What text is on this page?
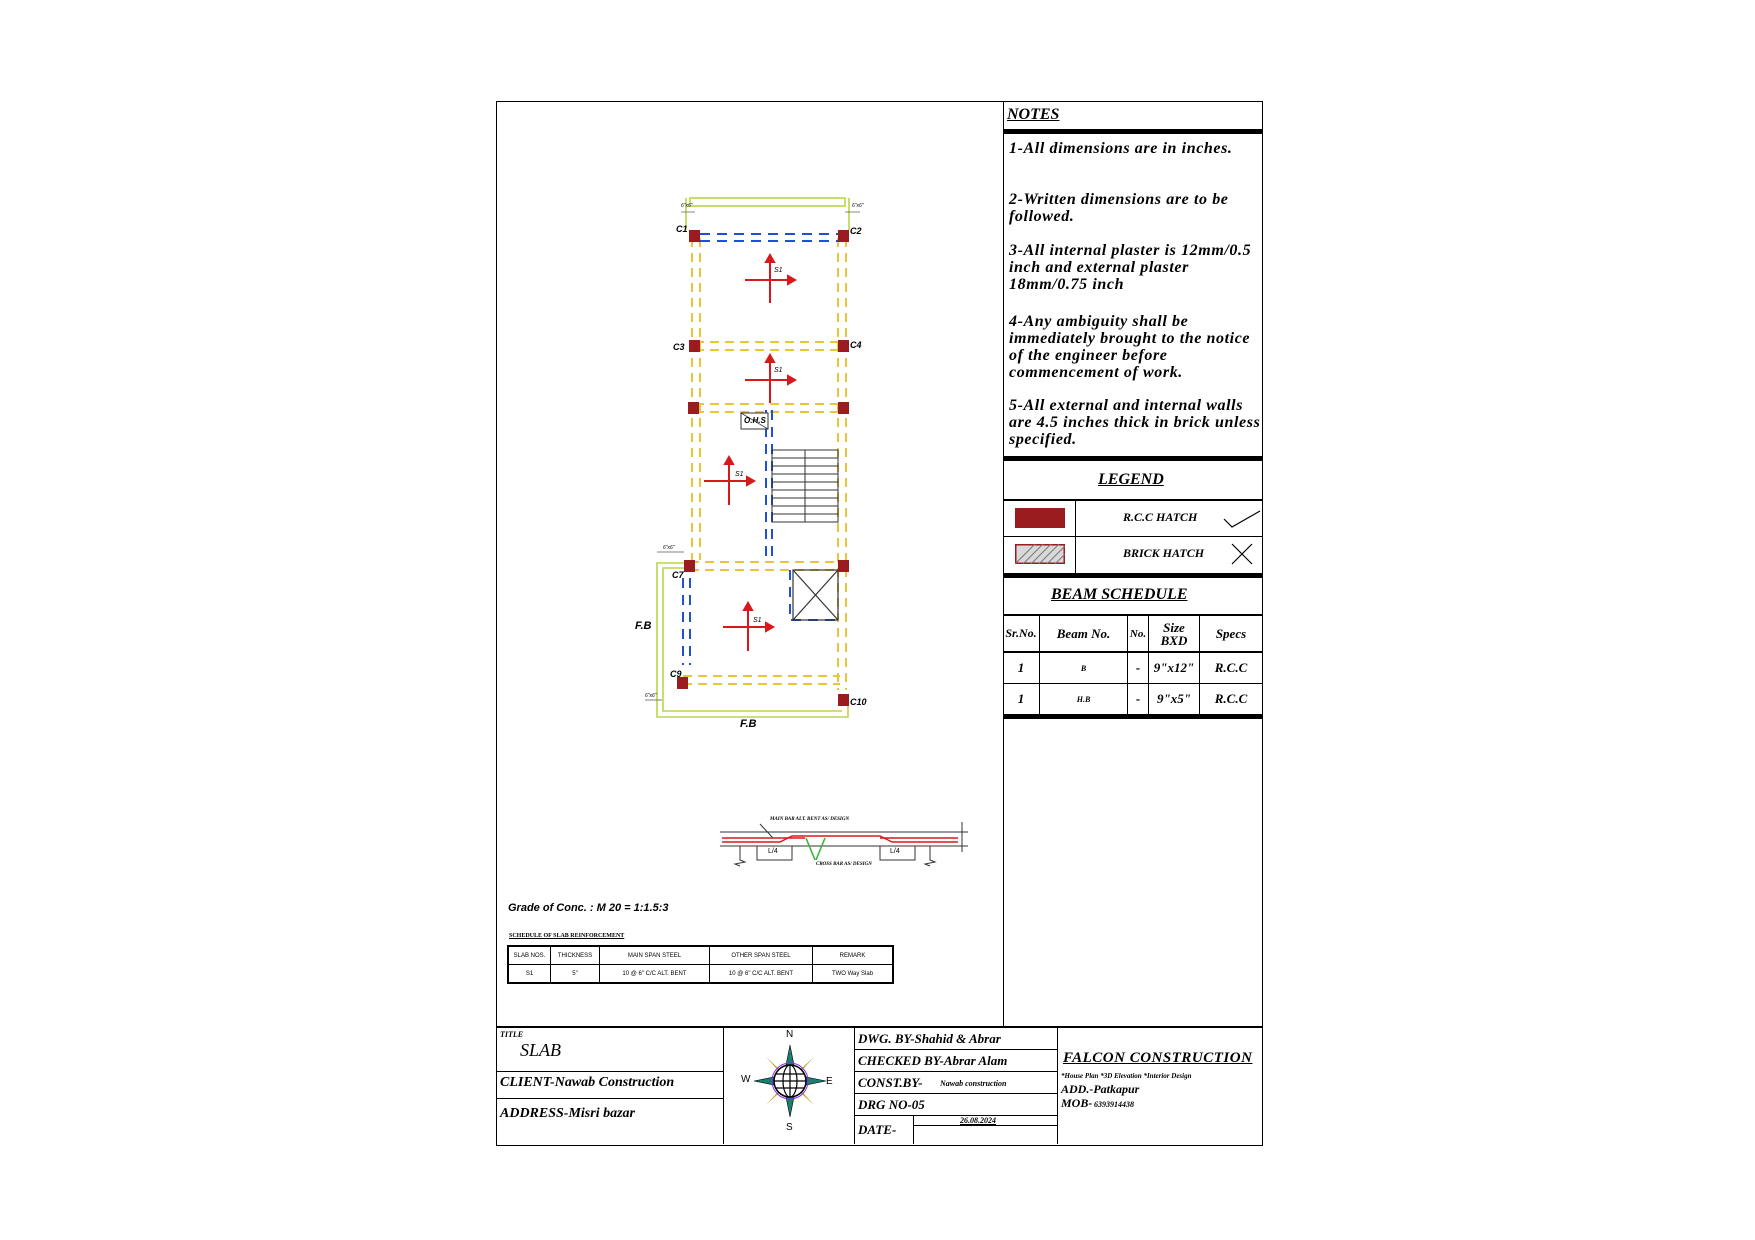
NOTES
1-All dimensions are in inches.
2-Written dimensions are to be followed.
3-All internal plaster is 12mm/0.5 inch and external plaster 18mm/0.75 inch
4-Any ambiguity shall be immediately brought to the notice of the engineer before commencement of work.
5-All external and internal walls are 4.5 inches thick in brick unless specified.
LEGEND
R.C.C HATCH
BRICK HATCH
BEAM SCHEDULE
Sr.No.	Beam No.	No.	Size BXD	Specs
1	B	-	9"x12"	R.C.C
1	H.B	-	9"x5"	R.C.C
C1	C2
C3	C4
C7
C9
C10
S1
S1
S1
S1
O.H.S
F.B
F.B
6"x6"	6"x6"
6"x6"
6"x6"
MAIN BAR ALT. BENT AS/ DESIGN
CROSS BAR AS/ DESIGN
L/4	L/4
Grade of Conc. : M 20 = 1:1.5:3
SCHEDULE OF SLAB REINFORCEMENT
SLAB NOS.	THICKNESS	MAIN SPAN STEEL	OTHER SPAN STEEL	REMARK
S1	5"	10 @ 6" C/C ALT. BENT	10 @ 6" C/C ALT. BENT	TWO Way Slab
TITLE
SLAB
CLIENT-Nawab Construction
ADDRESS-Misri bazar
N
S
E
W
DWG. BY-Shahid & Abrar
CHECKED BY-Abrar Alam
CONST.BY- Nawab construction
DRG NO-05
DATE-
26.08.2024
FALCON CONSTRUCTION
*House Plan *3D Elevation *Interior Design
ADD.-Patkapur
MOB- 6393914438
